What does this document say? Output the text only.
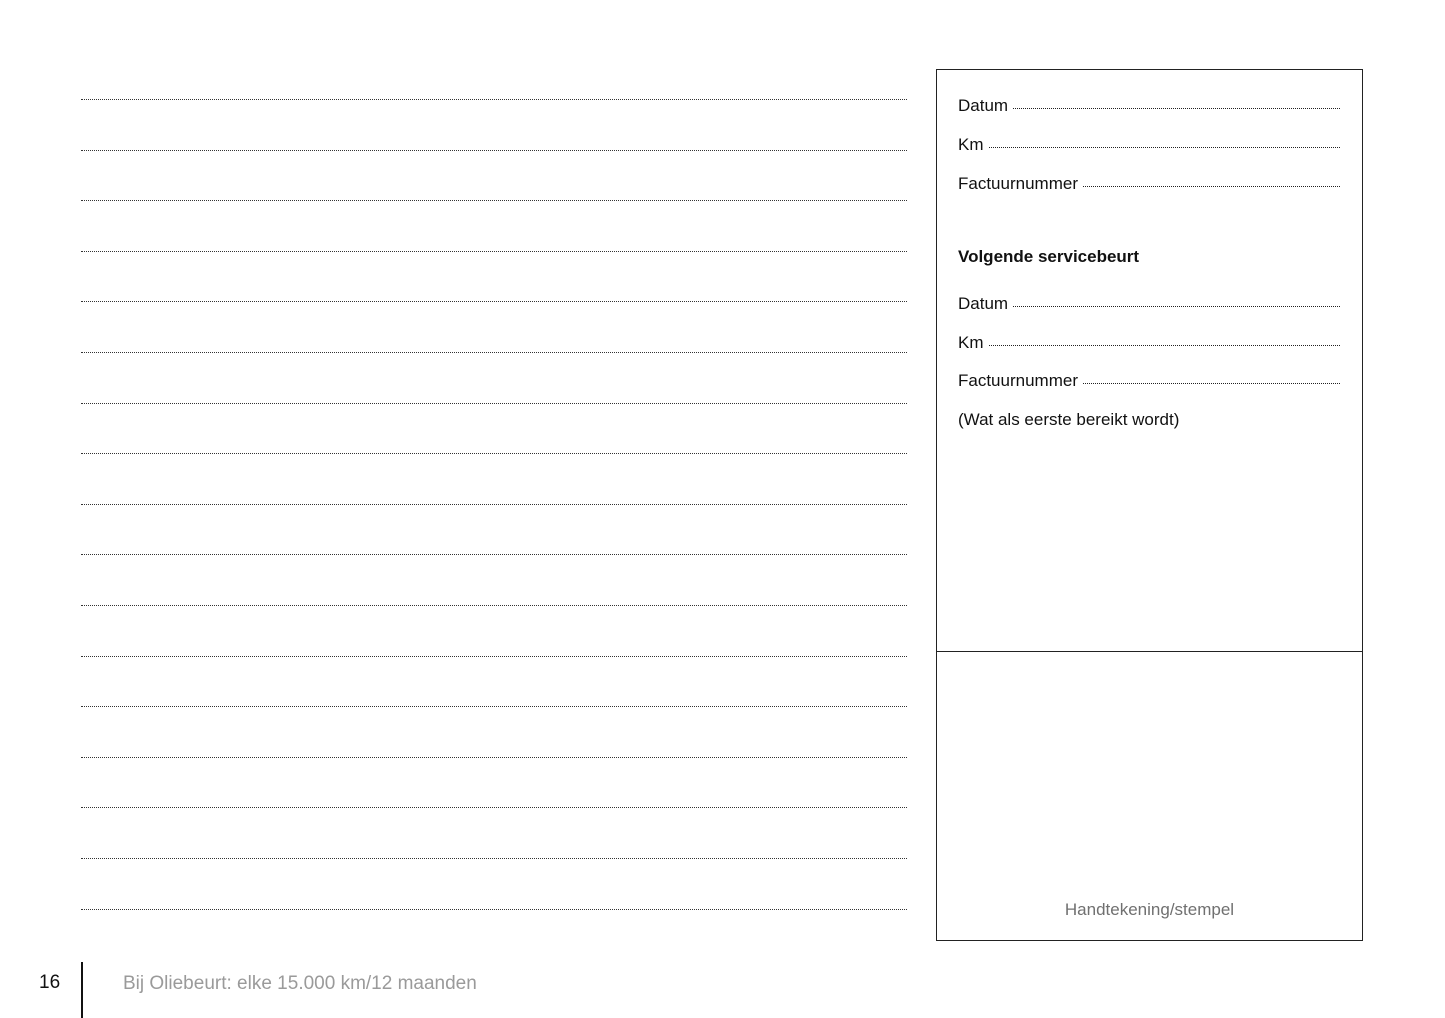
Datum
Km
Factuurnummer
Volgende servicebeurt
Datum
Km
Factuurnummer
(Wat als eerste bereikt wordt)
Handtekening/stempel
16	Bij Oliebeurt: elke 15.000 km/12 maanden
